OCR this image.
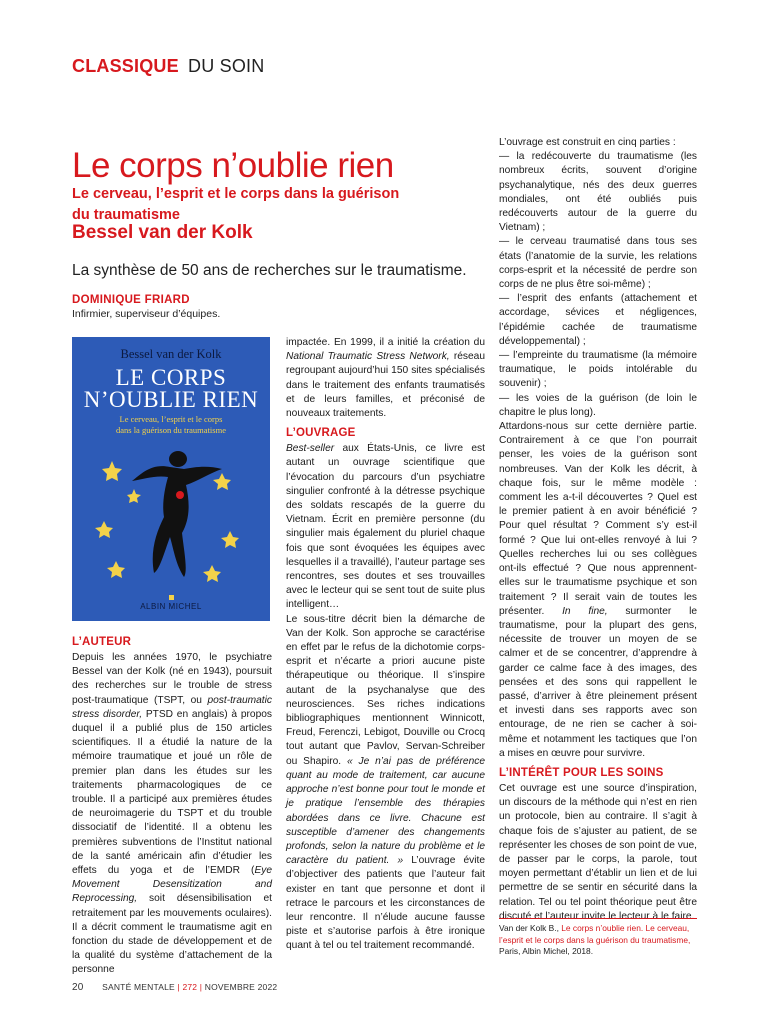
CLASSIQUE DU SOIN
Le corps n’oublie rien
Le cerveau, l’esprit et le corps dans la guérison du traumatisme
Bessel van der Kolk
La synthèse de 50 ans de recherches sur le traumatisme.
DOMINIQUE FRIARD
Infirmier, superviseur d’équipes.
Bessel van der Kolk
LE CORPS
N’OUBLIE RIEN
Le cerveau, l’esprit et le corps
dans la guérison du traumatisme
ALBIN MICHEL
L’AUTEUR

Depuis les années 1970, le psychiatre Bessel van der Kolk (né en 1943), poursuit des recherches sur le trouble de stress post-traumatique (TSPT, ou post-traumatic stress disorder, PTSD en anglais) à propos duquel il a publié plus de 150 articles scientifiques. Il a étudié la nature de la mémoire traumatique et joué un rôle de premier plan dans les études sur les traitements pharmacologiques de ce trouble. Il a participé aux premières études de neuroimagerie du TSPT et du trouble dissociatif de l’identité. Il a obtenu les premières subventions de l’Institut national de la santé américain afin d’étudier les effets du yoga et de l’EMDR (Eye Movement Desensitization and Reprocessing, soit désensibilisation et retraitement par les mouvements oculaires). Il a décrit comment le traumatisme agit en fonction du stade de développement et de la qualité du système d’attachement de la personne

impactée. En 1999, il a initié la création du National Traumatic Stress Network, réseau regroupant aujourd’hui 150 sites spécialisés dans le traitement des enfants traumatisés et de leurs familles, et préconisé de nouveaux traitements.

L’OUVRAGE

Best-seller aux États-Unis, ce livre est autant un ouvrage scientifique que l’évocation du parcours d’un psychiatre singulier confronté à la détresse psychique des soldats rescapés de la guerre du Vietnam. Écrit en première personne (du singulier mais également du pluriel chaque fois que sont évoquées les équipes avec lesquelles il a travaillé), l’auteur partage ses rencontres, ses doutes et ses trouvailles avec le lecteur qui se sent tout de suite plus intelligent…

Le sous-titre décrit bien la démarche de Van der Kolk. Son approche se caractérise en effet par le refus de la dichotomie corps-esprit et n’écarte a priori aucune piste thérapeutique ou théorique. Il s’inspire autant de la psychanalyse que des neurosciences. Ses riches indications bibliographiques mentionnent Winnicott, Freud, Ferenczi, Lebigot, Douville ou Crocq tout autant que Pavlov, Servan-Schreiber ou Shapiro. « Je n’ai pas de préférence quant au mode de traitement, car aucune approche n’est bonne pour tout le monde et je pratique l’ensemble des thérapies abordées dans ce livre. Chacune est susceptible d’amener des changements profonds, selon la nature du problème et le caractère du patient. » L’ouvrage évite d’objectiver des patients que l’auteur fait exister en tant que personne et dont il retrace le parcours et les circonstances de leur rencontre. Il n’élude aucune fausse piste et s’autorise parfois à être ironique quant à tel ou tel traitement recommandé.

L’ouvrage est construit en cinq parties :

— la redécouverte du traumatisme (les nombreux écrits, souvent d’origine psychanalytique, nés des deux guerres mondiales, ont été oubliés puis redécouverts autour de la guerre du Vietnam) ;

— le cerveau traumatisé dans tous ses états (l’anatomie de la survie, les relations corps-esprit et la nécessité de perdre son corps de ne plus être soi-même) ;

— l’esprit des enfants (attachement et accordage, sévices et négligences, l’épidémie cachée de traumatisme développemental) ;

— l’empreinte du traumatisme (la mémoire traumatique, le poids intolérable du souvenir) ;

— les voies de la guérison (de loin le chapitre le plus long).

Attardons-nous sur cette dernière partie. Contrairement à ce que l’on pourrait penser, les voies de la guérison sont nombreuses. Van der Kolk les décrit, à chaque fois, sur le même modèle : comment les a-t-il découvertes ? Quel est le premier patient à en avoir bénéficié ? Pour quel résultat ? Comment s’y est-il formé ? Que lui ont-elles renvoyé à lui ? Quelles recherches lui ou ses collègues ont-ils effectué ? Que nous apprennent-elles sur le traumatisme psychique et son traitement ? Il serait vain de toutes les présenter. In fine, surmonter le traumatisme, pour la plupart des gens, nécessite de trouver un moyen de se calmer et de se concentrer, d’apprendre à garder ce calme face à des images, des pensées et des sons qui rappellent le passé, d’arriver à être pleinement présent et investi dans ses rapports avec son entourage, de ne rien se cacher à soi-même et notamment les tactiques que l’on a mises en œuvre pour survivre.

L’INTÉRÊT POUR LES SOINS

Cet ouvrage est une source d’inspiration, un discours de la méthode qui n’est en rien un protocole, bien au contraire. Il s’agit à chaque fois de s’ajuster au patient, de se représenter les choses de son point de vue, de passer par le corps, la parole, tout moyen permettant d’établir un lien et de lui permettre de se sentir en sécurité dans la relation. Tel ou tel point théorique peut être discuté et l’auteur invite le lecteur à le faire.

Van der Kolk B., Le corps n’oublie rien. Le cerveau, l’esprit et le corps dans la guérison du traumatisme, Paris, Albin Michel, 2018.
20 SANTÉ MENTALE | 272 | NOVEMBRE 2022
